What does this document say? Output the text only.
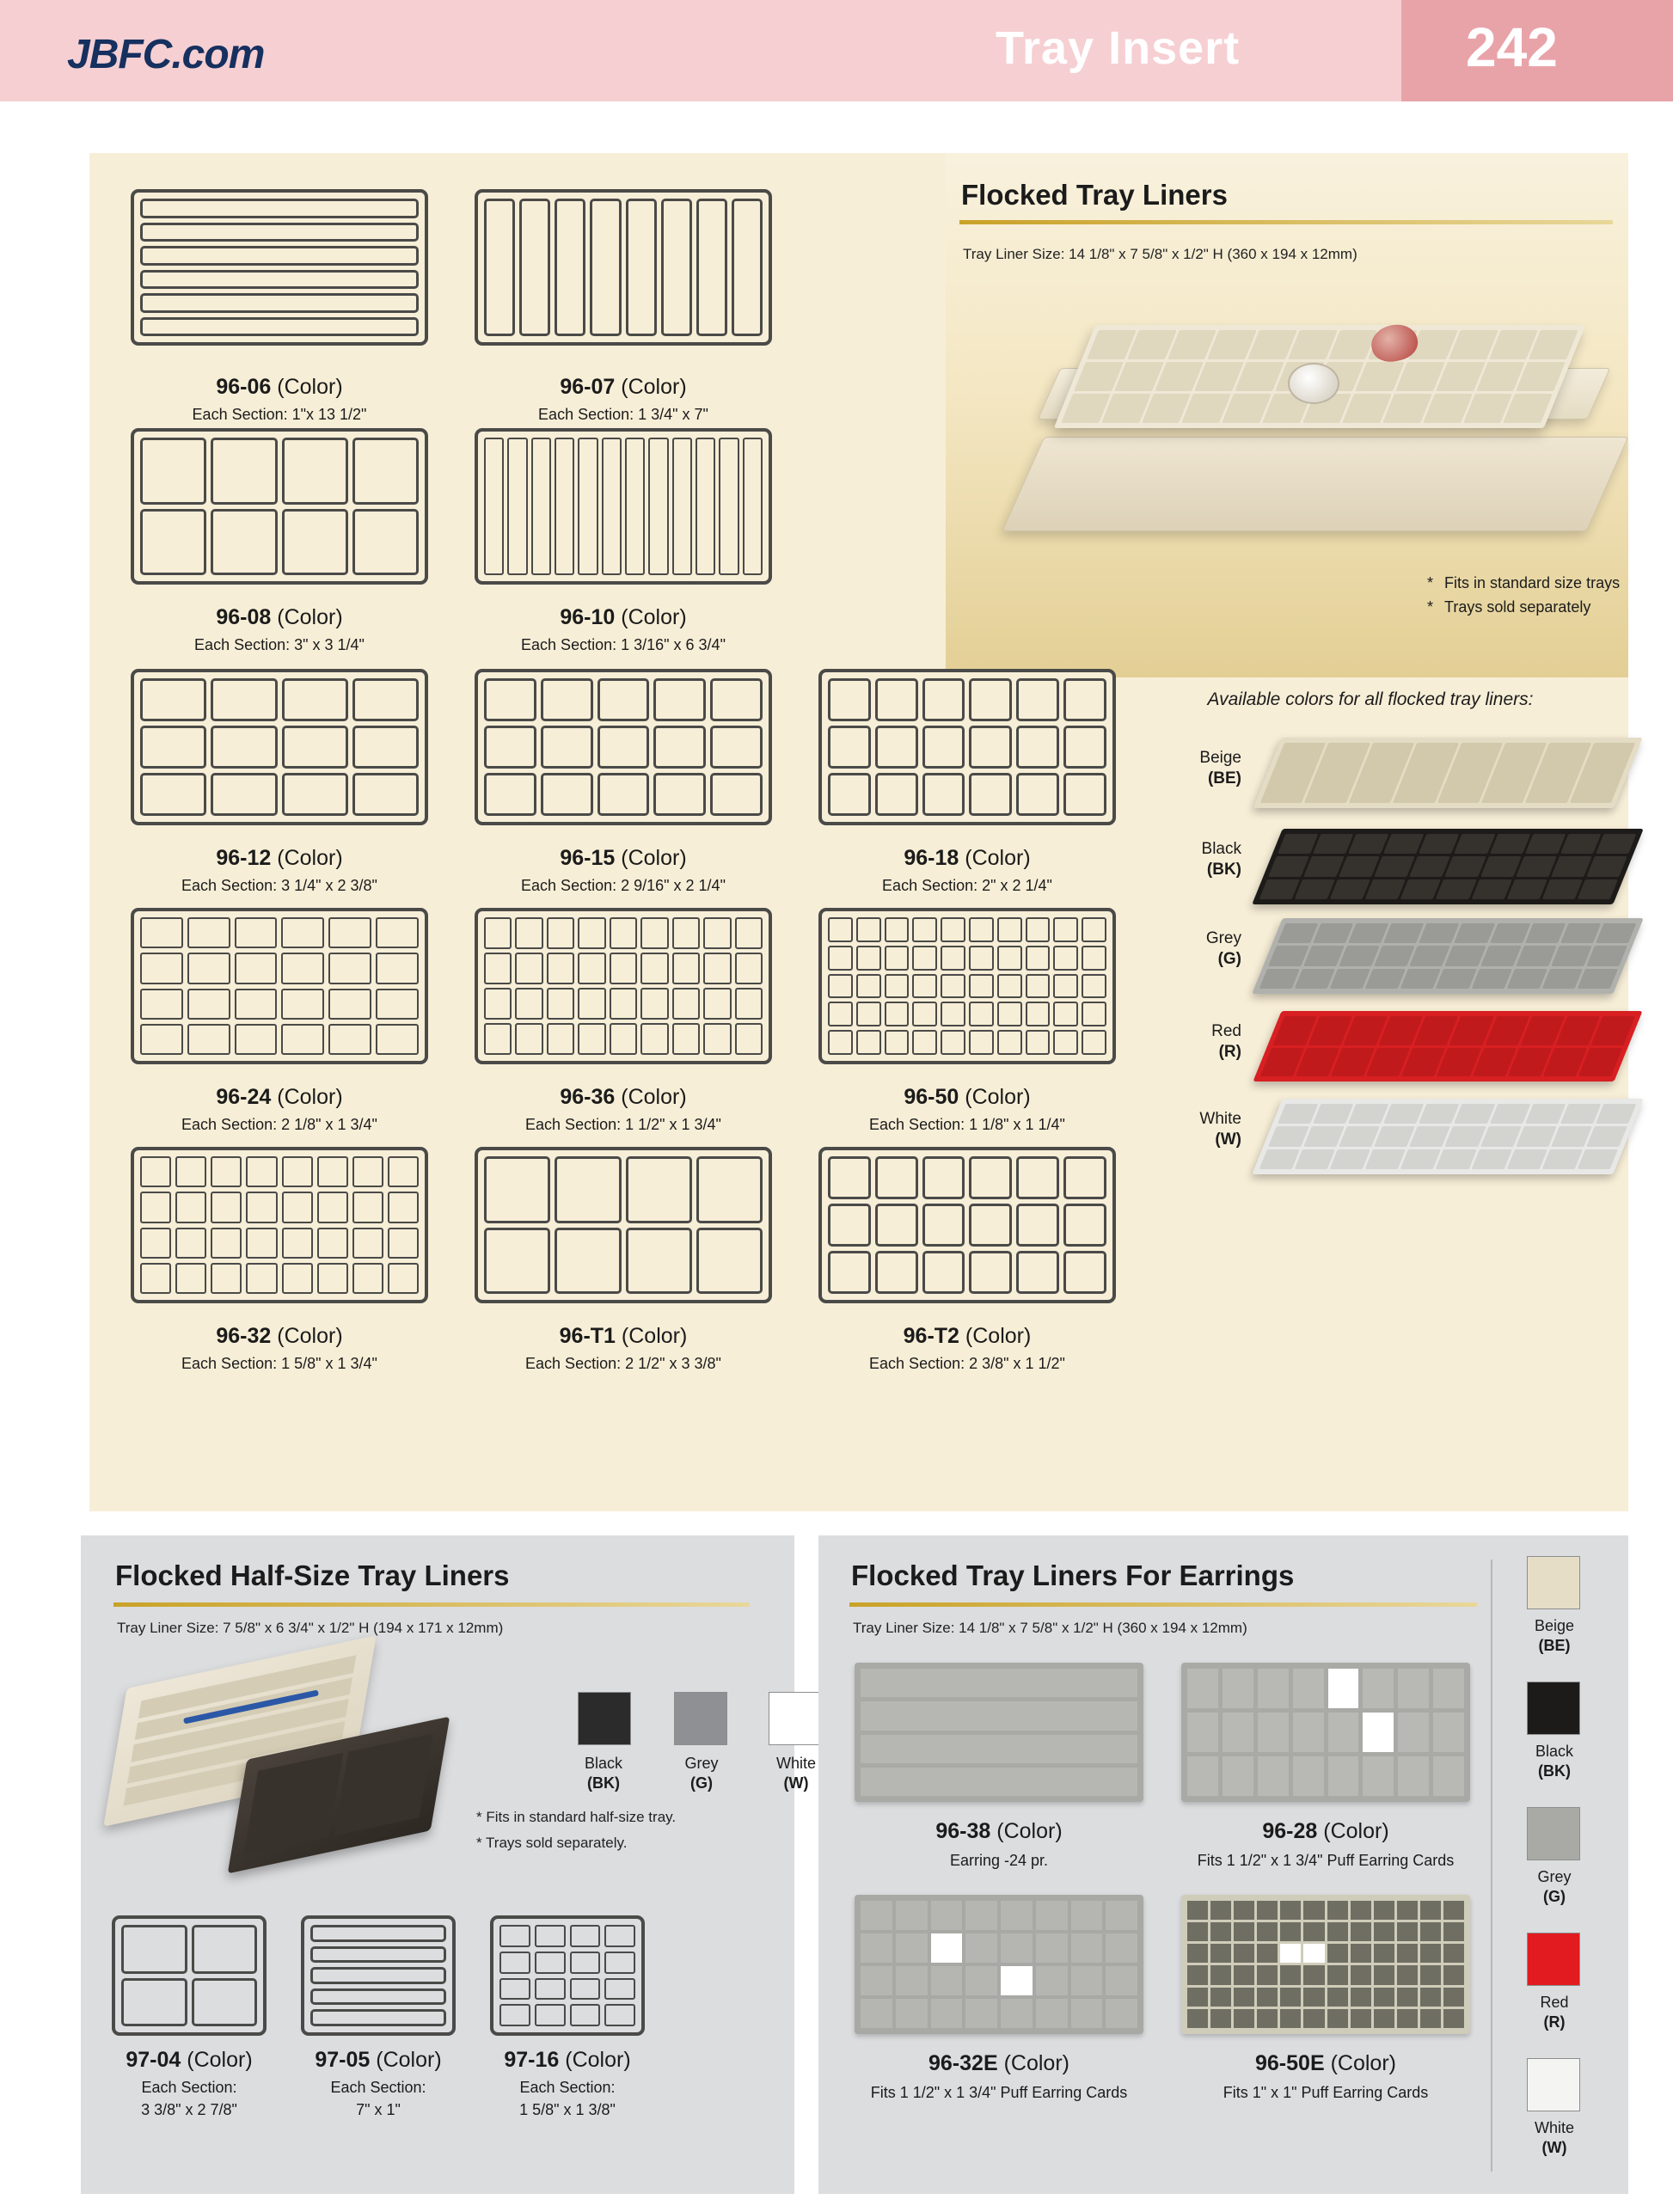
JBFC.com	Tray Insert	242
Flocked Tray Liners
Tray Liner Size: 14 1/8" x 7 5/8" x 1/2" H (360 x 194 x 12mm)
* Fits in standard size trays
* Trays sold separately
96-06 (Color)
Each Section: 1"x 13 1/2"
96-07 (Color)
Each Section: 1 3/4" x 7"
96-08 (Color)
Each Section: 3" x 3 1/4"
96-10 (Color)
Each Section: 1 3/16" x 6 3/4"
96-12 (Color)
Each Section: 3 1/4" x 2 3/8"
96-15 (Color)
Each Section: 2 9/16" x 2 1/4"
96-18 (Color)
Each Section: 2" x 2 1/4"
96-24 (Color)
Each Section: 2 1/8" x 1 3/4"
96-36 (Color)
Each Section: 1 1/2" x 1 3/4"
96-50 (Color)
Each Section: 1 1/8" x 1 1/4"
96-32 (Color)
Each Section: 1 5/8" x 1 3/4"
96-T1 (Color)
Each Section: 2 1/2" x 3 3/8"
96-T2 (Color)
Each Section: 2 3/8" x 1 1/2"
Available colors for all flocked tray liners:
Beige
(BE)
Black
(BK)
Grey
(G)
Red
(R)
White
(W)
Flocked Half-Size Tray Liners
Tray Liner Size: 7 5/8" x 6 3/4" x 1/2" H (194 x 171 x 12mm)
Black
(BK)
Grey
(G)
White
(W)
* Fits in standard half-size tray.
* Trays sold separately.
97-04 (Color)
Each Section:
3 3/8" x 2 7/8"
97-05 (Color)
Each Section:
7" x 1"
97-16 (Color)
Each Section:
1 5/8" x 1 3/8"
Flocked Tray Liners For Earrings
Tray Liner Size: 14 1/8" x 7 5/8" x 1/2" H (360 x 194 x 12mm)
96-38 (Color)
Earring -24 pr.
96-28 (Color)
Fits 1 1/2" x 1 3/4" Puff Earring Cards
96-32E (Color)
Fits 1 1/2" x 1 3/4" Puff Earring Cards
96-50E (Color)
Fits 1" x 1" Puff Earring Cards
Beige
(BE)
Black
(BK)
Grey
(G)
Red
(R)
White
(W)
